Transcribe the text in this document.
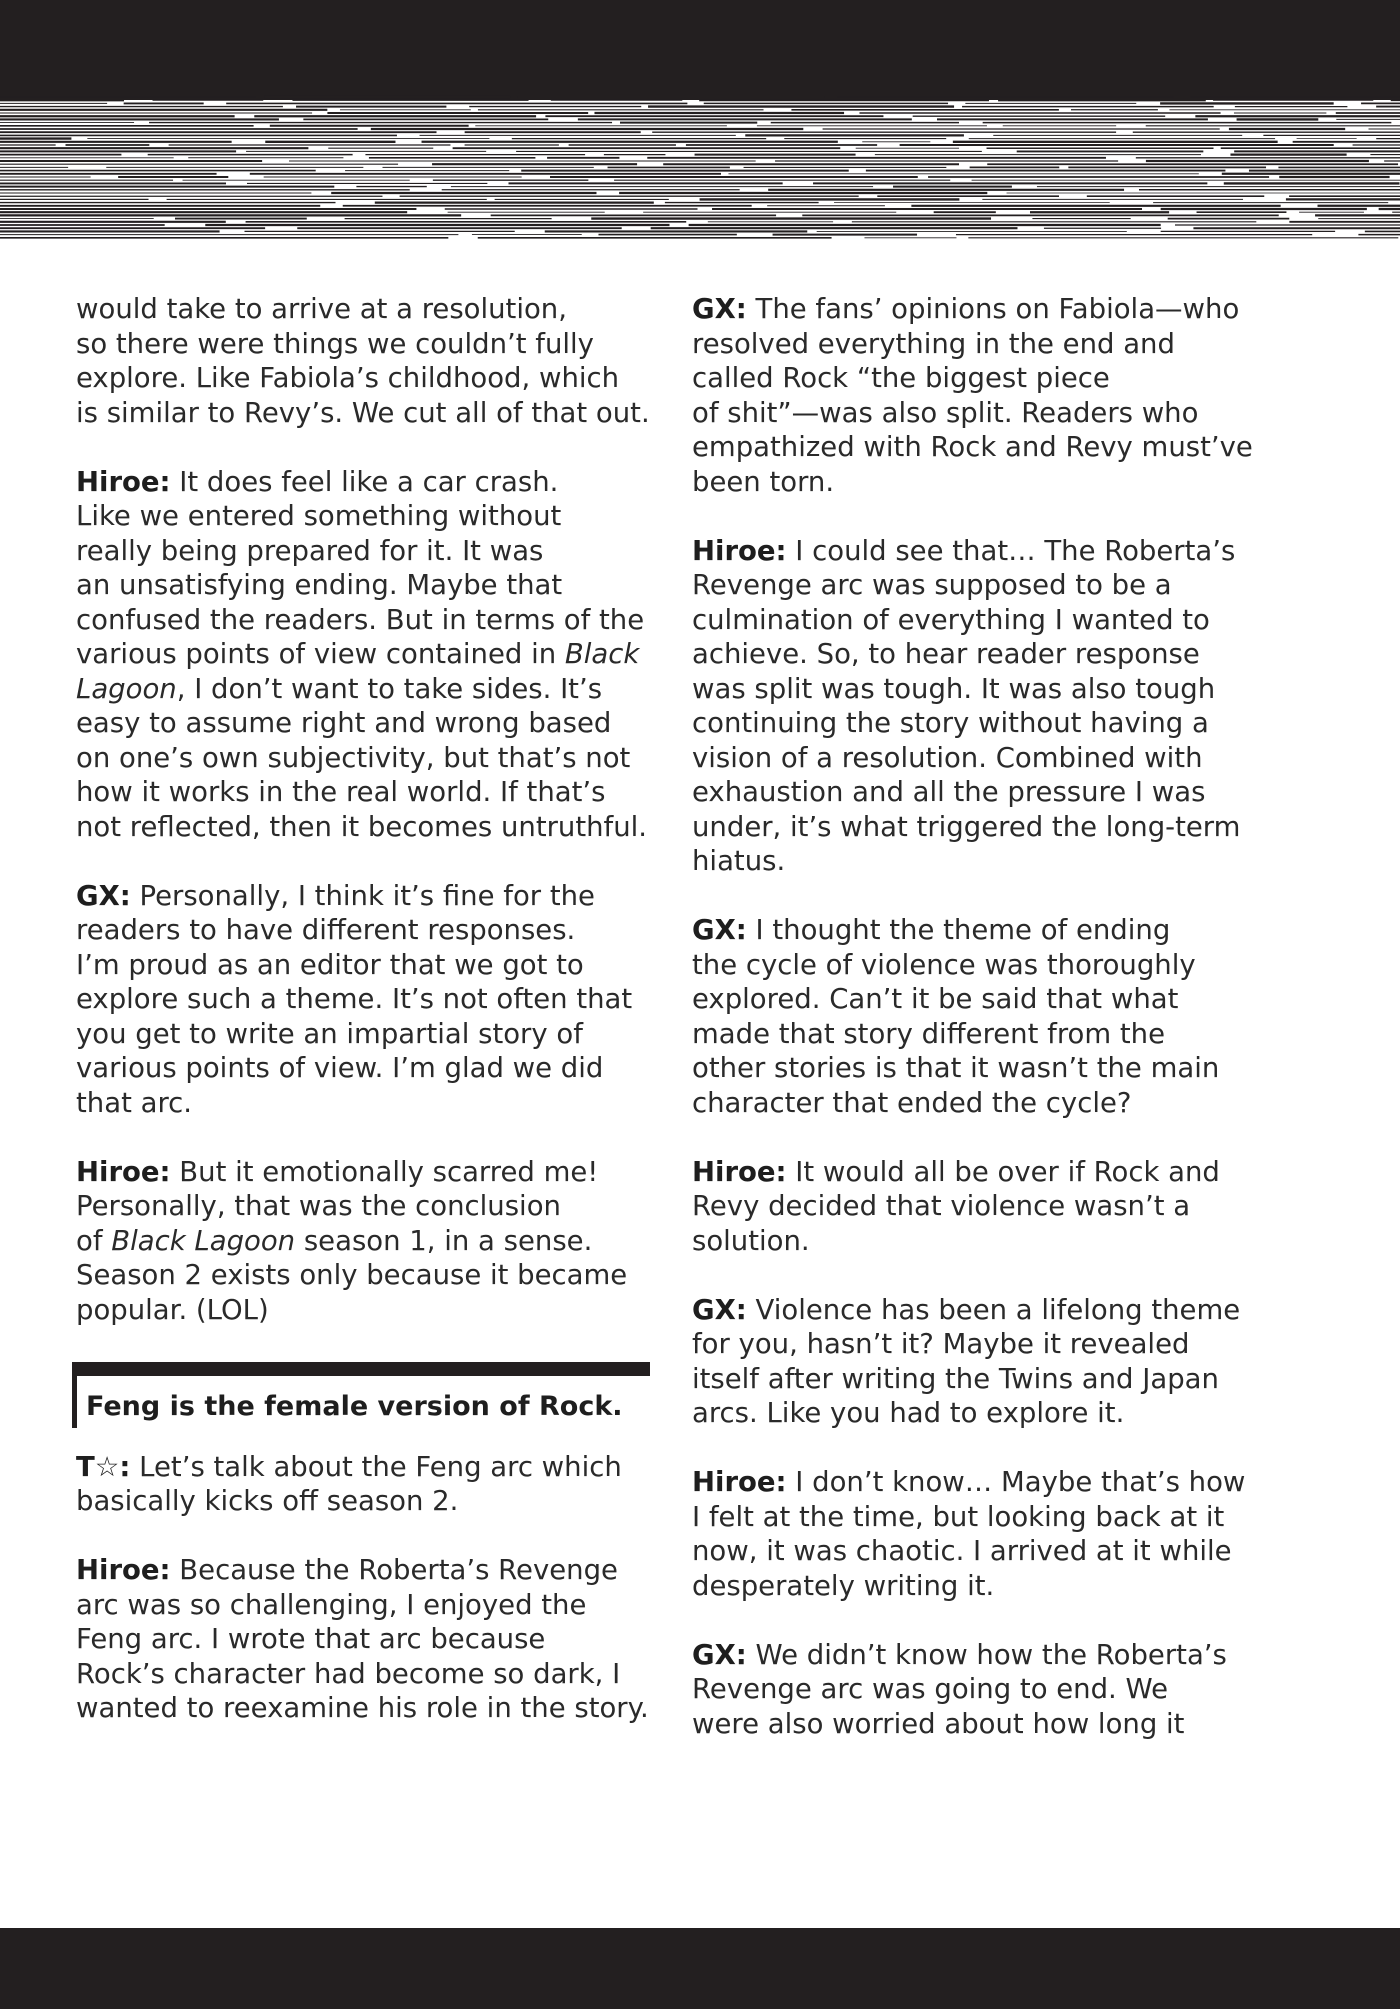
would take to arrive at a resolution,
so there were things we couldn’t fully
explore. Like Fabiola’s childhood, which
is similar to Revy’s. We cut all of that out.
Hiroe: It does feel like a car crash.
Like we entered something without
really being prepared for it. It was
an unsatisfying ending. Maybe that
confused the readers. But in terms of the
various points of view contained in Black
Lagoon, I don’t want to take sides. It’s
easy to assume right and wrong based
on one’s own subjectivity, but that’s not
how it works in the real world. If that’s
not reflected, then it becomes untruthful.
GX: Personally, I think it’s fine for the
readers to have different responses.
I’m proud as an editor that we got to
explore such a theme. It’s not often that
you get to write an impartial story of
various points of view. I’m glad we did
that arc.
Hiroe: But it emotionally scarred me!
Personally, that was the conclusion
of Black Lagoon season 1, in a sense.
Season 2 exists only because it became
popular. (LOL)
Feng is the female version of Rock.
T☆: Let’s talk about the Feng arc which
basically kicks off season 2.
Hiroe: Because the Roberta’s Revenge
arc was so challenging, I enjoyed the
Feng arc. I wrote that arc because
Rock’s character had become so dark, I
wanted to reexamine his role in the story.
GX: The fans’ opinions on Fabiola—who
resolved everything in the end and
called Rock “the biggest piece
of shit”—was also split. Readers who
empathized with Rock and Revy must’ve
been torn.
Hiroe: I could see that… The Roberta’s
Revenge arc was supposed to be a
culmination of everything I wanted to
achieve. So, to hear reader response
was split was tough. It was also tough
continuing the story without having a
vision of a resolution. Combined with
exhaustion and all the pressure I was
under, it’s what triggered the long-term
hiatus.
GX: I thought the theme of ending
the cycle of violence was thoroughly
explored. Can’t it be said that what
made that story different from the
other stories is that it wasn’t the main
character that ended the cycle?
Hiroe: It would all be over if Rock and
Revy decided that violence wasn’t a
solution.
GX: Violence has been a lifelong theme
for you, hasn’t it? Maybe it revealed
itself after writing the Twins and Japan
arcs. Like you had to explore it.
Hiroe: I don’t know… Maybe that’s how
I felt at the time, but looking back at it
now, it was chaotic. I arrived at it while
desperately writing it.
GX: We didn’t know how the Roberta’s
Revenge arc was going to end. We
were also worried about how long it
